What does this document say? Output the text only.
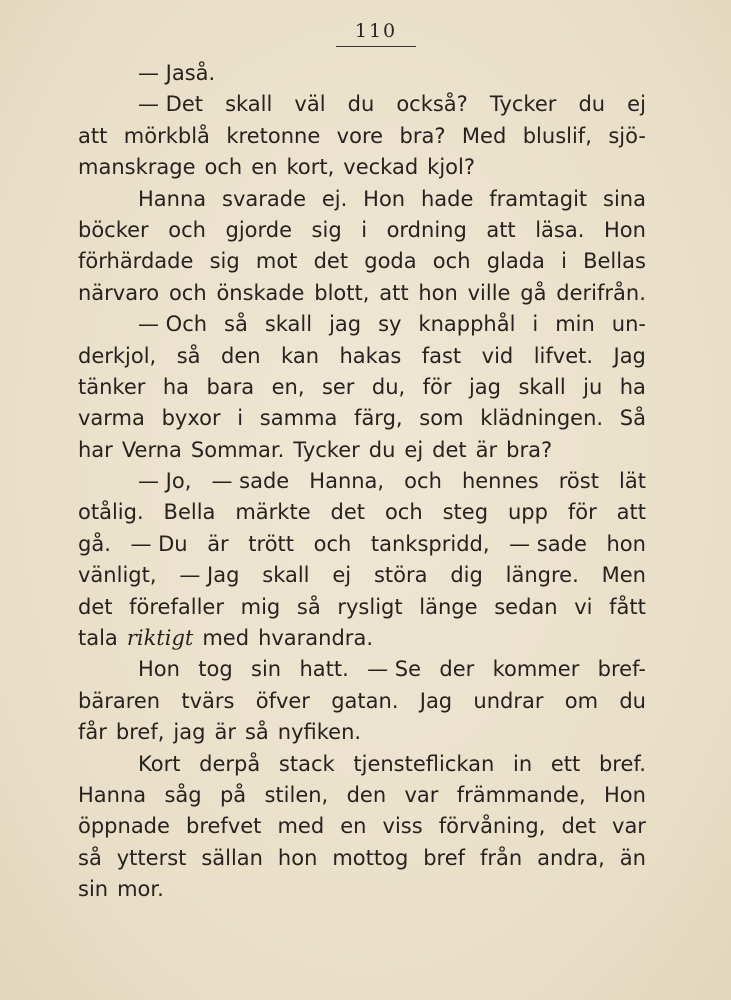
·
110
— Jaså.
— Det skall väl du också? Tycker du ej
att mörkblå kretonne vore bra? Med bluslif, sjö-
manskrage och en kort, veckad kjol?
Hanna svarade ej. Hon hade framtagit sina
böcker och gjorde sig i ordning att läsa. Hon
förhärdade sig mot det goda och glada i Bellas
närvaro och önskade blott, att hon ville gå derifrån.
— Och så skall jag sy knapphål i min un-
derkjol, så den kan hakas fast vid lifvet. Jag
tänker ha bara en, ser du, för jag skall ju ha
varma byxor i samma färg, som klädningen. Så
har Verna Sommar. Tycker du ej det är bra?
— Jo, — sade Hanna, och hennes röst lät
otålig. Bella märkte det och steg upp för att
gå. — Du är trött och tankspridd, — sade hon
vänligt, — Jag skall ej störa dig längre. Men
det förefaller mig så rysligt länge sedan vi fått
tala riktigt med hvarandra.
Hon tog sin hatt. — Se der kommer bref-
bäraren tvärs öfver gatan. Jag undrar om du
får bref, jag är så nyfiken.
Kort derpå stack tjensteflickan in ett bref.
Hanna såg på stilen, den var främmande, Hon
öppnade brefvet med en viss förvåning, det var
så ytterst sällan hon mottog bref från andra, än
sin mor.
